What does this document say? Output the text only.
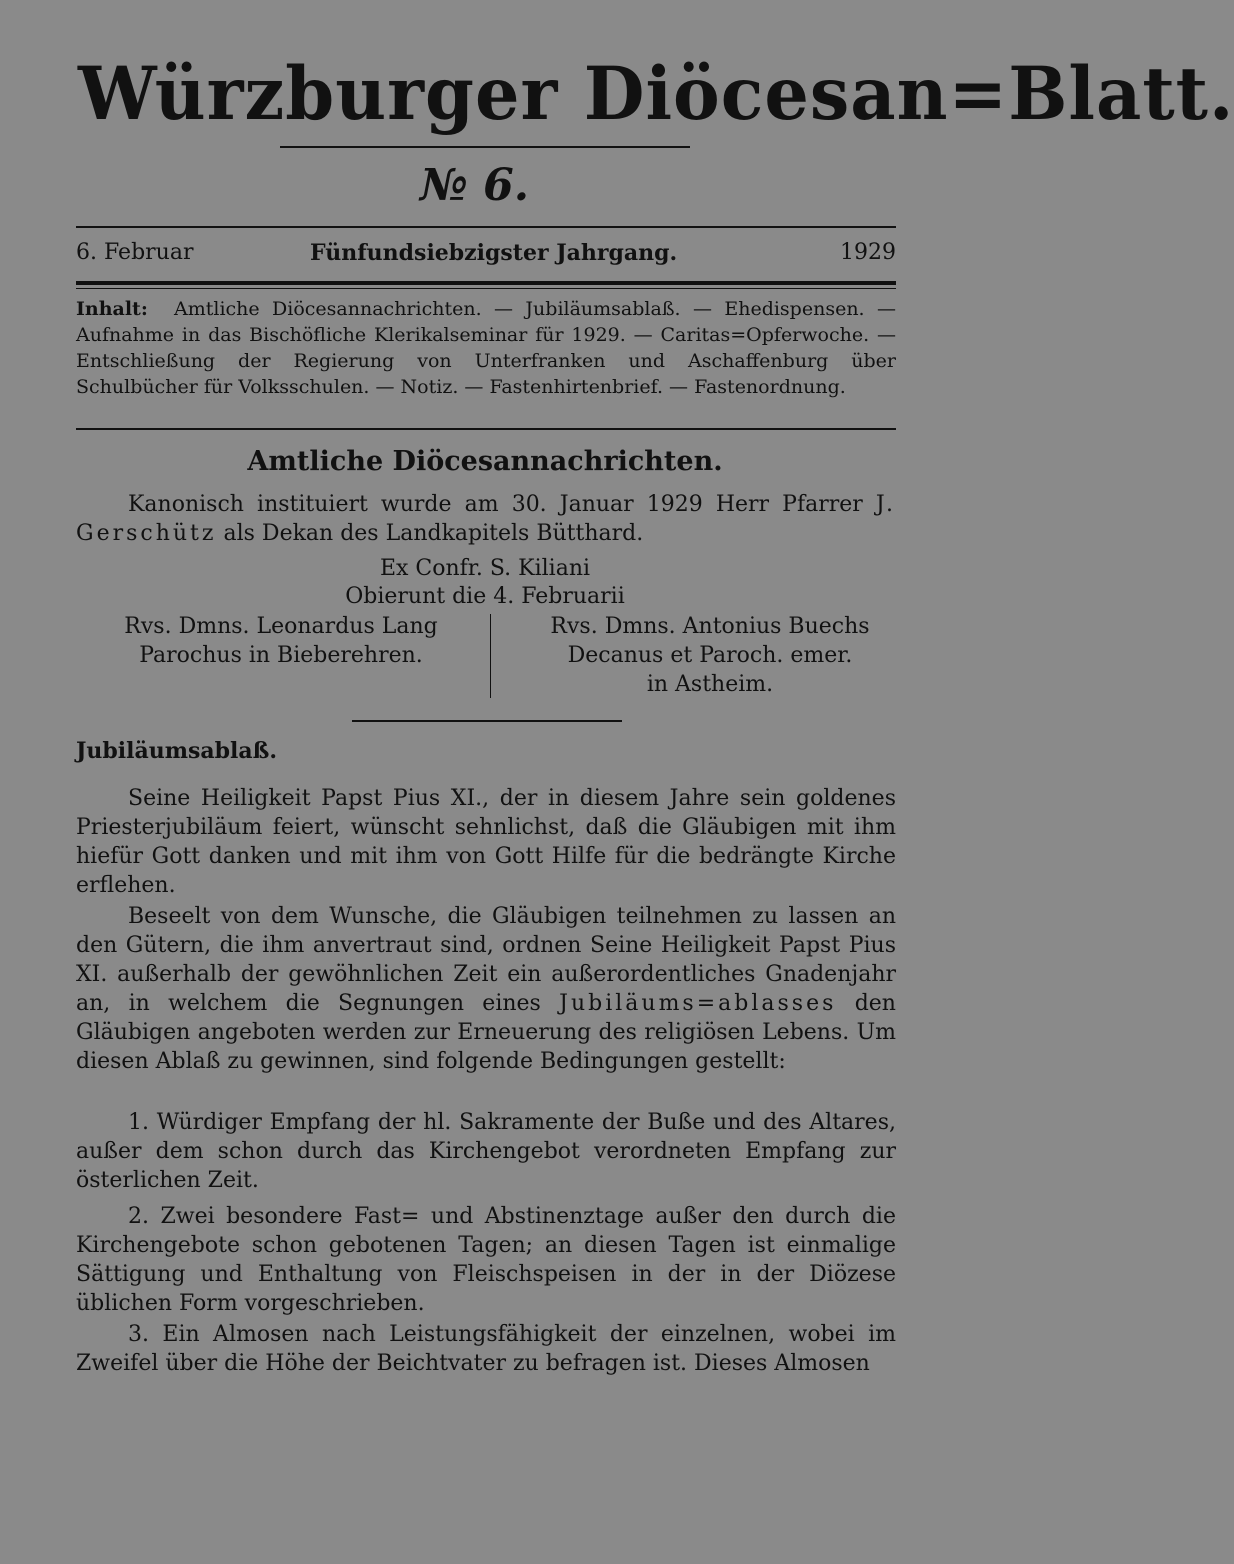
Würzburger Diöcesan=Blatt.
№ 6.
6. Februar	Fünfundsiebzigster Jahrgang.	1929
Inhalt: Amtliche Diöcesannachrichten. — Jubiläumsablaß. — Ehedispensen. — Aufnahme in das Bischöfliche Klerikalseminar für 1929. — Caritas=Opferwoche. — Entschließung der Regierung von Unterfranken und Aschaffenburg über Schulbücher für Volksschulen. — Notiz. — Fastenhirtenbrief. — Fastenordnung.
Amtliche Diöcesannachrichten.
Kanonisch instituiert wurde am 30. Januar 1929 Herr Pfarrer J. Gerschütz als Dekan des Landkapitels Bütthard.
Ex Confr. S. Kiliani
Obierunt die 4. Februarii
Rvs. Dmns. Leonardus Lang
Parochus in Bieberehren.
Rvs. Dmns. Antonius Buechs
Decanus et Paroch. emer.
in Astheim.
Jubiläumsablaß.
Seine Heiligkeit Papst Pius XI., der in diesem Jahre sein goldenes Priesterjubiläum feiert, wünscht sehnlichst, daß die Gläubigen mit ihm hiefür Gott danken und mit ihm von Gott Hilfe für die bedrängte Kirche erflehen.
Beseelt von dem Wunsche, die Gläubigen teilnehmen zu lassen an den Gütern, die ihm anvertraut sind, ordnen Seine Heiligkeit Papst Pius XI. außerhalb der gewöhnlichen Zeit ein außerordentliches Gnadenjahr an, in welchem die Segnungen eines Jubiläums=ablasses den Gläubigen angeboten werden zur Erneuerung des religiösen Lebens. Um diesen Ablaß zu gewinnen, sind folgende Bedingungen gestellt:
1. Würdiger Empfang der hl. Sakramente der Buße und des Altares, außer dem schon durch das Kirchengebot verordneten Empfang zur österlichen Zeit.
2. Zwei besondere Fast= und Abstinenztage außer den durch die Kirchengebote schon gebotenen Tagen; an diesen Tagen ist einmalige Sättigung und Enthaltung von Fleischspeisen in der in der Diözese üblichen Form vorgeschrieben.
3. Ein Almosen nach Leistungsfähigkeit der einzelnen, wobei im Zweifel über die Höhe der Beichtvater zu befragen ist. Dieses Almosen
